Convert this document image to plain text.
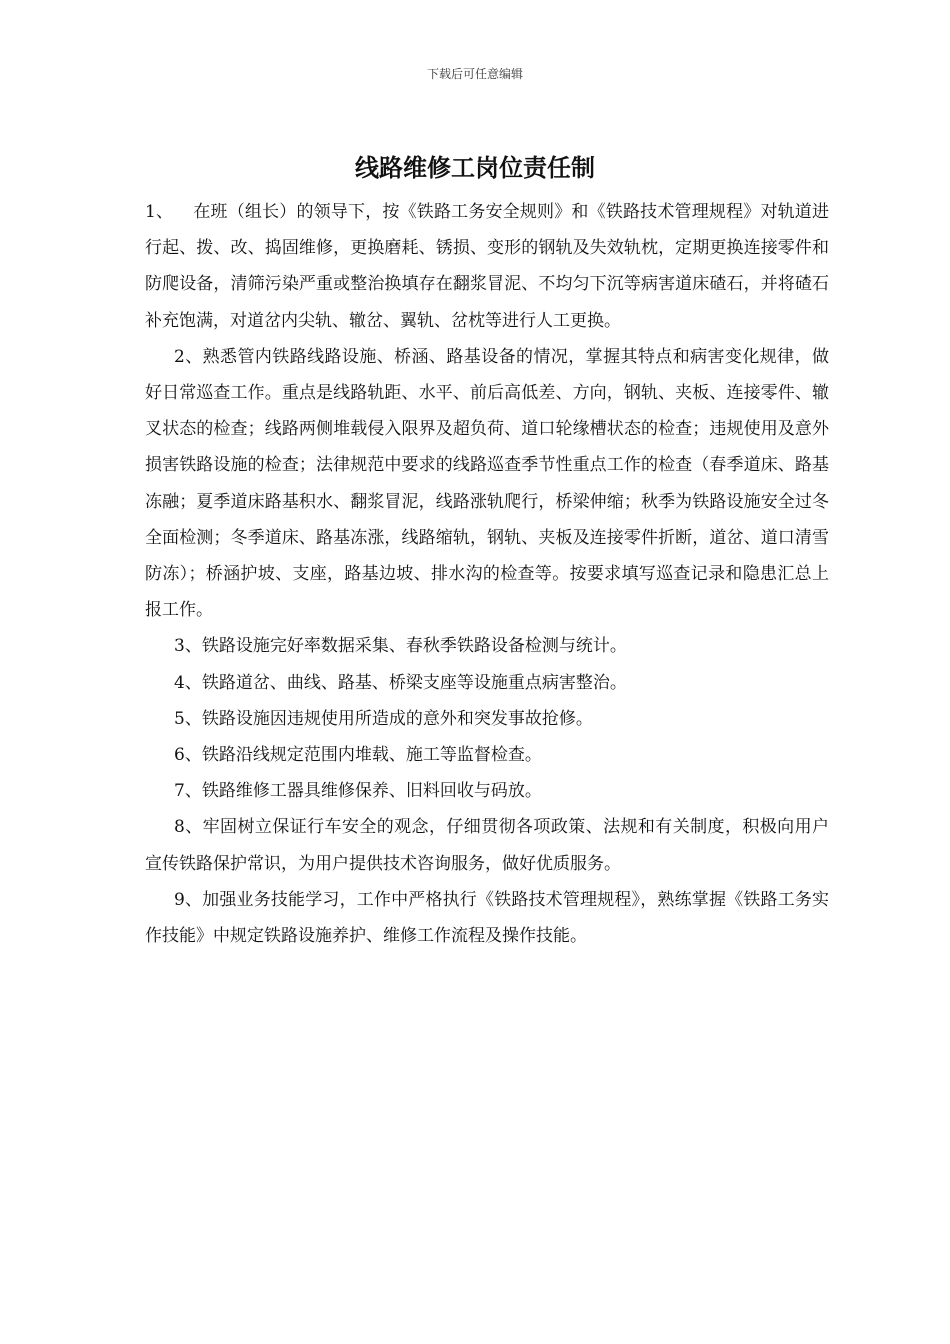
下载后可任意编辑
线路维修工岗位责任制

1、 在班（组长）的领导下，按《铁路工务安全规则》和《铁路技术管理规程》对轨道进行起、拨、改、捣固维修，更换磨耗、锈损、变形的钢轨及失效轨枕，定期更换连接零件和防爬设备，清筛污染严重或整治换填存在翻浆冒泥、不均匀下沉等病害道床碴石，并将碴石补充饱满，对道岔内尖轨、辙岔、翼轨、岔枕等进行人工更换。

2、熟悉管内铁路线路设施、桥涵、路基设备的情况，掌握其特点和病害变化规律，做好日常巡查工作。重点是线路轨距、水平、前后高低差、方向，钢轨、夹板、连接零件、辙叉状态的检查；线路两侧堆载侵入限界及超负荷、道口轮缘槽状态的检查；违规使用及意外损害铁路设施的检查；法律规范中要求的线路巡查季节性重点工作的检查（春季道床、路基冻融；夏季道床路基积水、翻浆冒泥，线路涨轨爬行，桥梁伸缩；秋季为铁路设施安全过冬全面检测；冬季道床、路基冻涨，线路缩轨，钢轨、夹板及连接零件折断，道岔、道口清雪防冻）；桥涵护坡、支座，路基边坡、排水沟的检查等。按要求填写巡查记录和隐患汇总上报工作。

3、铁路设施完好率数据采集、春秋季铁路设备检测与统计。

4、铁路道岔、曲线、路基、桥梁支座等设施重点病害整治。

5、铁路设施因违规使用所造成的意外和突发事故抢修。

6、铁路沿线规定范围内堆载、施工等监督检查。

7、铁路维修工器具维修保养、旧料回收与码放。

8、牢固树立保证行车安全的观念，仔细贯彻各项政策、法规和有关制度，积极向用户宣传铁路保护常识，为用户提供技术咨询服务，做好优质服务。

9、加强业务技能学习，工作中严格执行《铁路技术管理规程》，熟练掌握《铁路工务实作技能》中规定铁路设施养护、维修工作流程及操作技能。
